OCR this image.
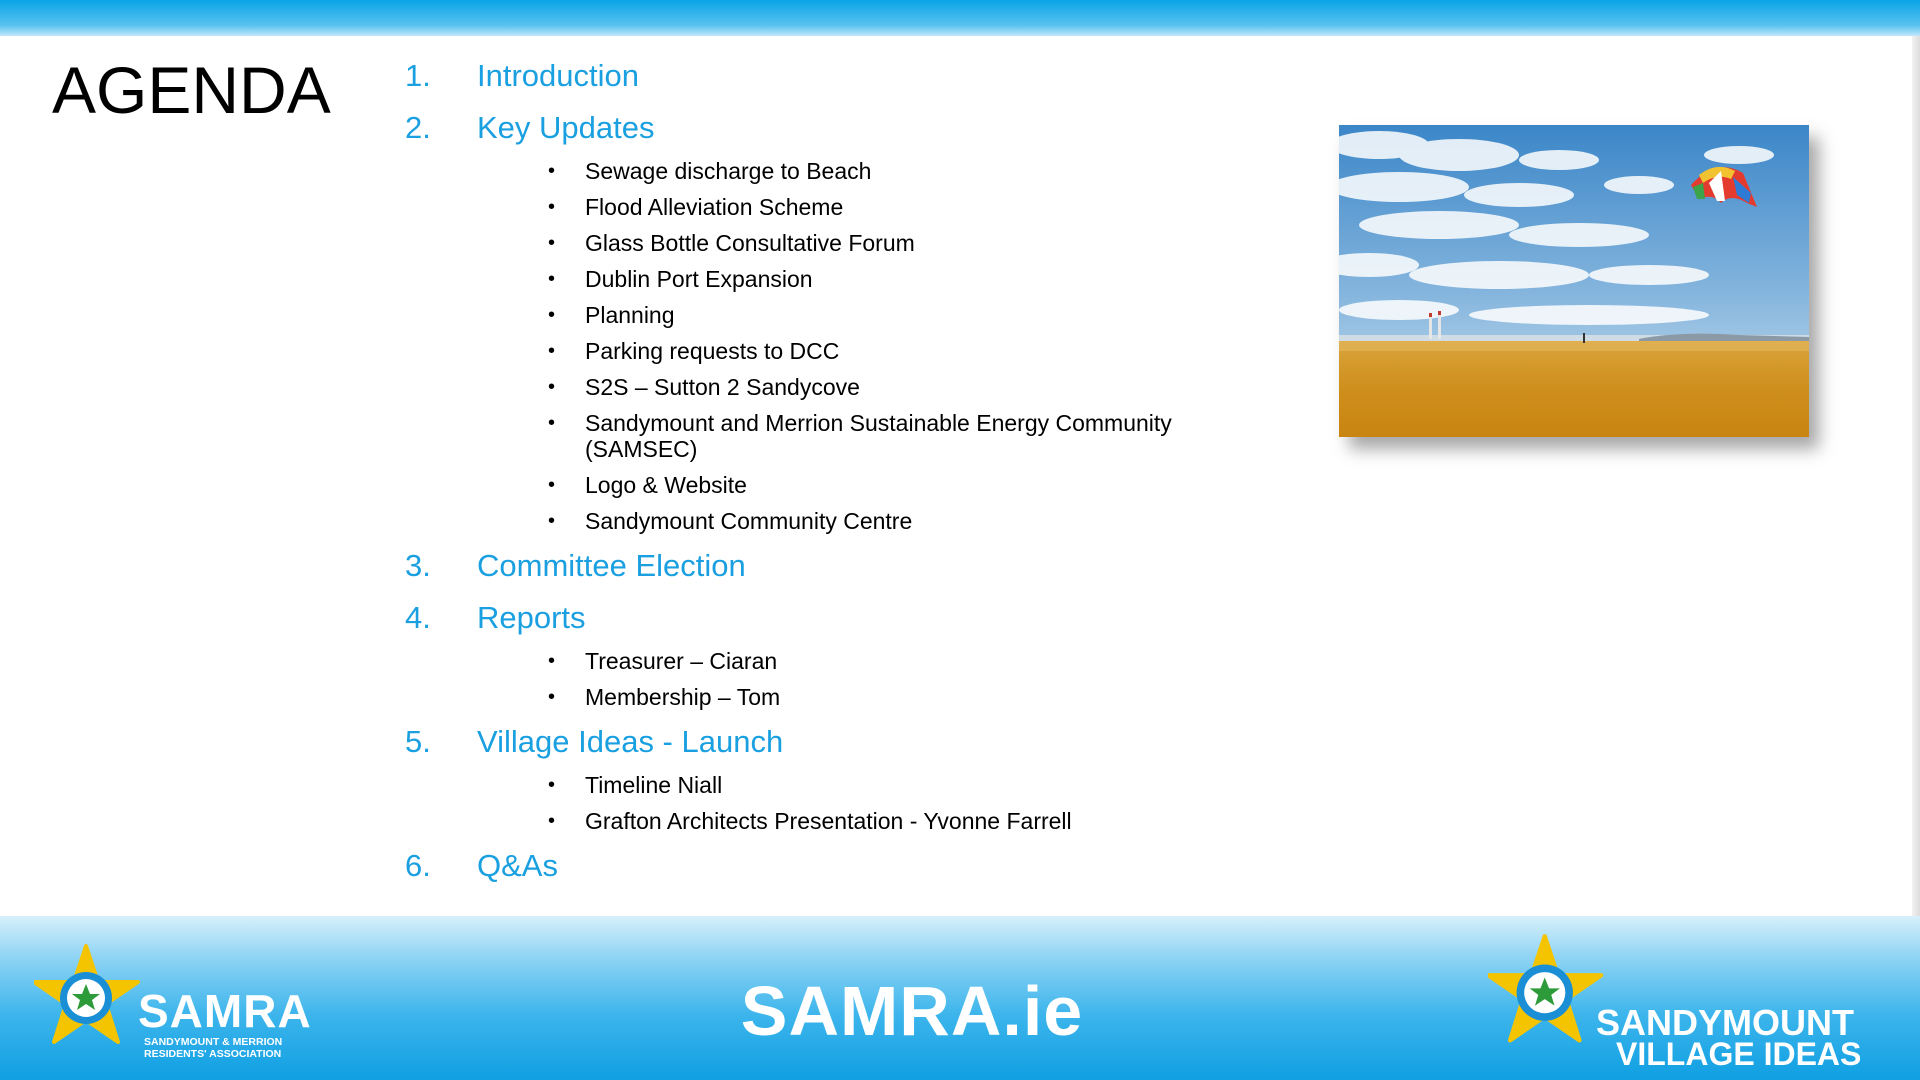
AGENDA 1. Introduction
2. Key Updates
• Sewage discharge to Beach
• Flood Alleviation Scheme
• Glass Bottle Consultative Forum
• Dublin Port Expansion
• Planning
• Parking requests to DCC
• S2S – Sutton 2 Sandycove
• Sandymount and Merrion Sustainable Energy Community (SAMSEC)
• Logo & Website
• Sandymount Community Centre
3. Committee Election
4. Reports
• Treasurer – Ciaran
• Membership – Tom
5. Village Ideas - Launch
• Timeline Niall
• Grafton Architects Presentation - Yvonne Farrell
6. Q&As
SAMRA
SANDYMOUNT & MERRION
RESIDENTS' ASSOCIATION
SAMRA.ie	SANDYMOUNT
VILLAGE IDEAS
